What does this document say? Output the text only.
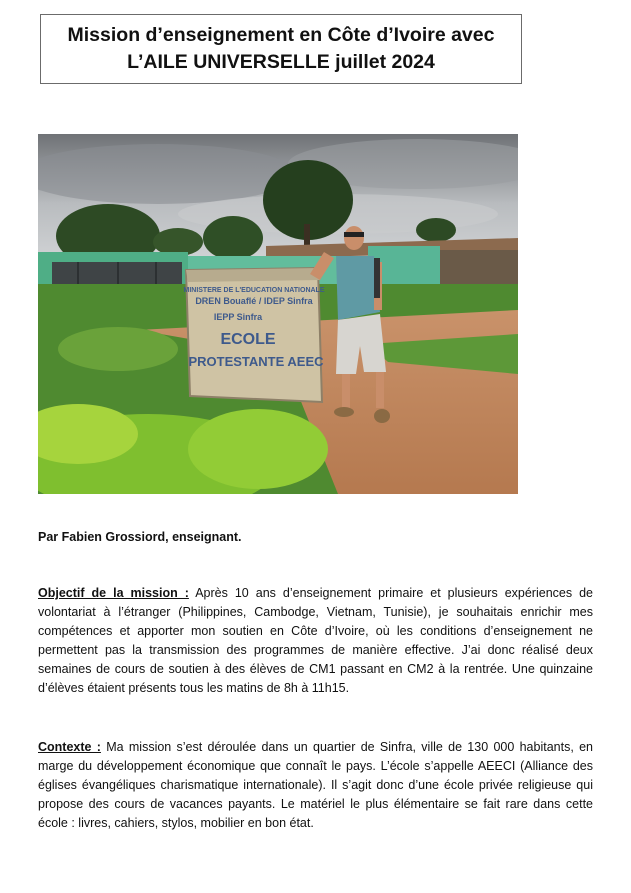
Mission d’enseignement en Côte d’Ivoire avec
L’AILE UNIVERSELLE juillet 2024
MINISTERE DE L'EDUCATION NATIONALE
DREN Bouaflé / IDEP Sinfra
IEPP Sinfra
ECOLE
PROTESTANTE AEEC
Par Fabien Grossiord, enseignant.
Objectif de la mission : Après 10 ans d’enseignement primaire et plusieurs expériences de volontariat à l’étranger (Philippines, Cambodge, Vietnam, Tunisie), je souhaitais enrichir mes compétences et apporter mon soutien en Côte d’Ivoire, où les conditions d’enseignement ne permettent pas la transmission des programmes de manière effective. J’ai donc réalisé deux semaines de cours de soutien à des élèves de CM1 passant en CM2 à la rentrée. Une quinzaine d’élèves étaient présents tous les matins de 8h à 11h15.
Contexte : Ma mission s’est déroulée dans un quartier de Sinfra, ville de 130 000 habitants, en marge du développement économique que connaît le pays. L’école s’appelle AEECI (Alliance des églises évangéliques charismatique internationale). Il s’agit donc d’une école privée religieuse qui propose des cours de vacances payants. Le matériel le plus élémentaire se fait rare dans cette école : livres, cahiers, stylos, mobilier en bon état.
